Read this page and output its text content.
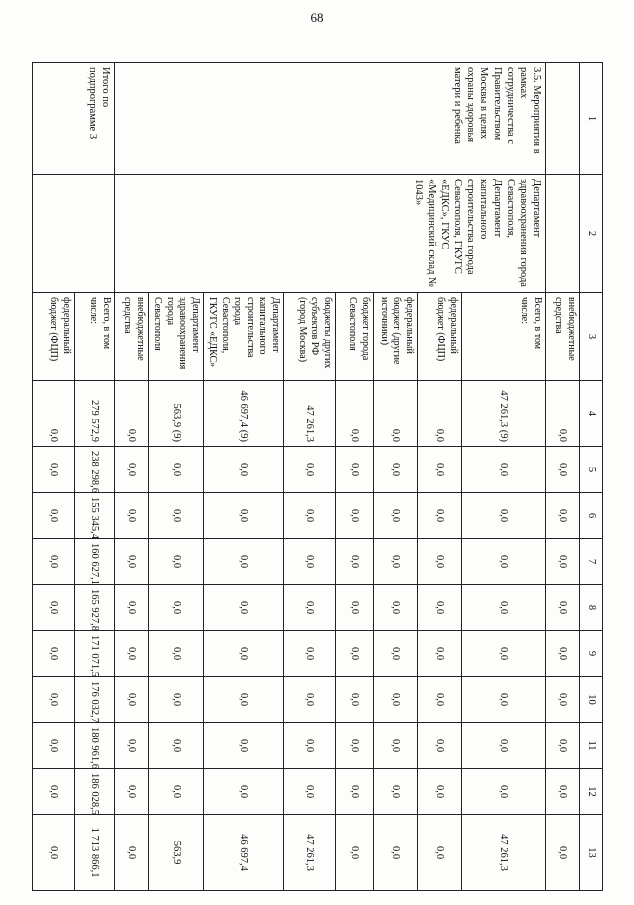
68
1	2	3	4	5	6	7	8	9	10	11	12	13
		внебюджетные средства	0,0	0,0	0,0	0,0	0,0	0,0	0,0	0,0	0,0	0,0
3.5. Мероприятия в рамках сотрудничества с Правительством Москвы в целях охраны здоровья матери и ребенка	Департамент здравоохранения города Севастополя, Департамент капитального строительства города Севастополя, ГКУГС «ЕДКС», ГКУС «Медицинский склад № 1043»	Всего, в том числе:	47 261,3 (9)	0,0	0,0	0,0	0,0	0,0	0,0	0,0	0,0	47 261,3
		федеральный бюджет (ФЦП)	0,0	0,0	0,0	0,0	0,0	0,0	0,0	0,0	0,0	0,0
		федеральный бюджет (другие источники)	0,0	0,0	0,0	0,0	0,0	0,0	0,0	0,0	0,0	0,0
		бюджет города Севастополя	0,0	0,0	0,0	0,0	0,0	0,0	0,0	0,0	0,0	0,0
		бюджеты других субъектов РФ (город Москва)	47 261,3	0,0	0,0	0,0	0,0	0,0	0,0	0,0	0,0	47 261,3
		Департамент капитального строительства города Севастополя, ГКУГС «ЕДКС»	46 697,4 (9)	0,0	0,0	0,0	0,0	0,0	0,0	0,0	0,0	46 697,4
		Департамент здравоохранения города Севастополя	563,9 (9)	0,0	0,0	0,0	0,0	0,0	0,0	0,0	0,0	563,9
		внебюджетные средства	0,0	0,0	0,0	0,0	0,0	0,0	0,0	0,0	0,0	0,0
Итого по подпрограмме 3		Всего, в том числе:	279 572,9	238 298,6	155 345,4	160 627,1	165 927,8	171 071,5	176 032,7	180 961,6	186 028,5	1 713 866,1
		федеральный бюджет (ФЦП)	0,0	0,0	0,0	0,0	0,0	0,0	0,0	0,0	0,0	0,0
